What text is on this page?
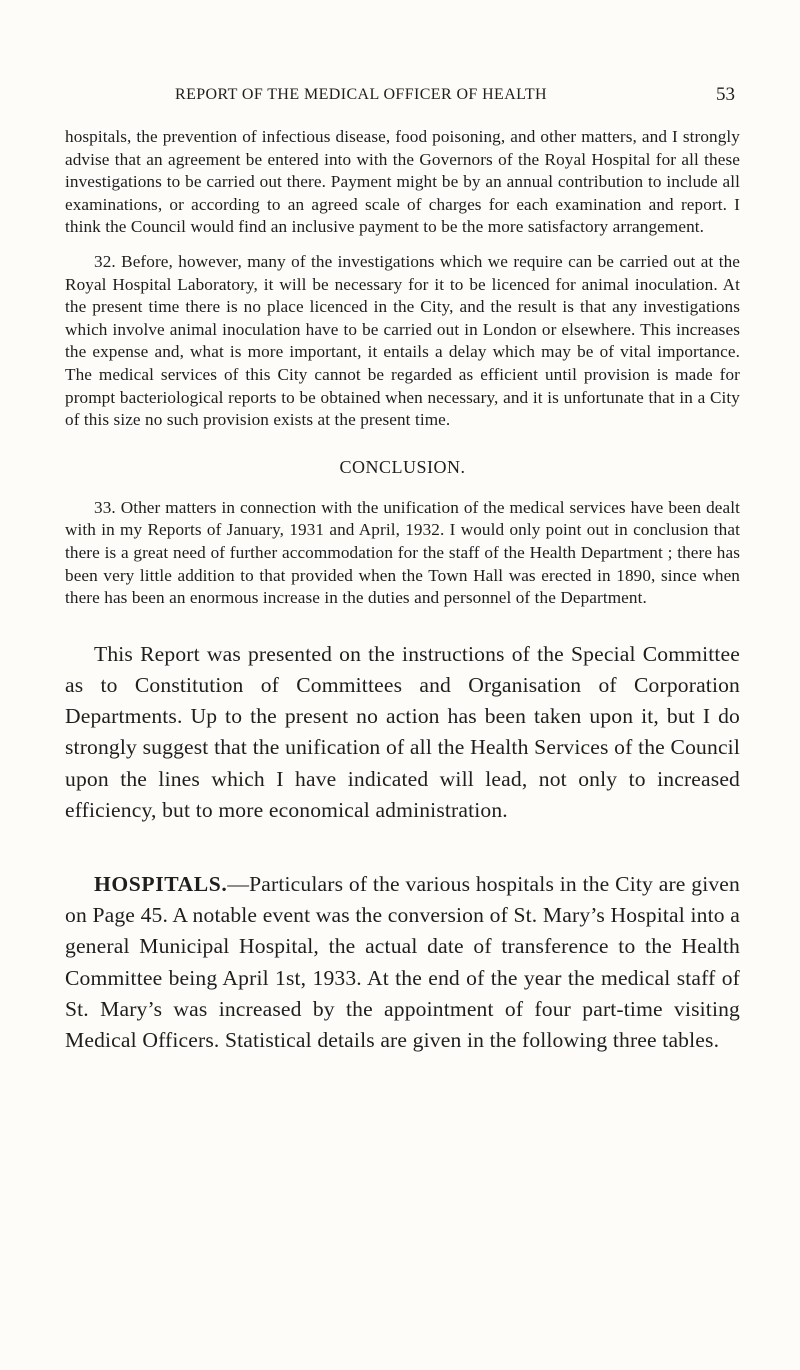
REPORT OF THE MEDICAL OFFICER OF HEALTH	53

hospitals, the prevention of infectious disease, food poisoning, and other matters, and I strongly advise that an agreement be entered into with the Governors of the Royal Hospital for all these investigations to be carried out there. Payment might be by an annual contribution to include all examinations, or according to an agreed scale of charges for each examination and report. I think the Council would find an inclusive payment to be the more satisfactory arrangement.

32. Before, however, many of the investigations which we require can be carried out at the Royal Hospital Laboratory, it will be necessary for it to be licenced for animal inoculation. At the present time there is no place licenced in the City, and the result is that any investigations which involve animal inoculation have to be carried out in London or elsewhere. This increases the expense and, what is more important, it entails a delay which may be of vital importance. The medical services of this City cannot be regarded as efficient until provision is made for prompt bacteriological reports to be obtained when necessary, and it is unfortunate that in a City of this size no such provision exists at the present time.

CONCLUSION.

33. Other matters in connection with the unification of the medical services have been dealt with in my Reports of January, 1931 and April, 1932. I would only point out in conclusion that there is a great need of further accommodation for the staff of the Health Department ; there has been very little addition to that provided when the Town Hall was erected in 1890, since when there has been an enormous increase in the duties and personnel of the Department.

This Report was presented on the instructions of the Special Committee as to Constitution of Committees and Organisation of Corporation Departments. Up to the present no action has been taken upon it, but I do strongly suggest that the unification of all the Health Services of the Council upon the lines which I have indicated will lead, not only to increased efficiency, but to more economical administration.

HOSPITALS.—Particulars of the various hospitals in the City are given on Page 45. A notable event was the conversion of St. Mary’s Hospital into a general Municipal Hospital, the actual date of transference to the Health Committee being April 1st, 1933. At the end of the year the medical staff of St. Mary’s was increased by the appointment of four part-time visiting Medical Officers. Statistical details are given in the following three tables.
